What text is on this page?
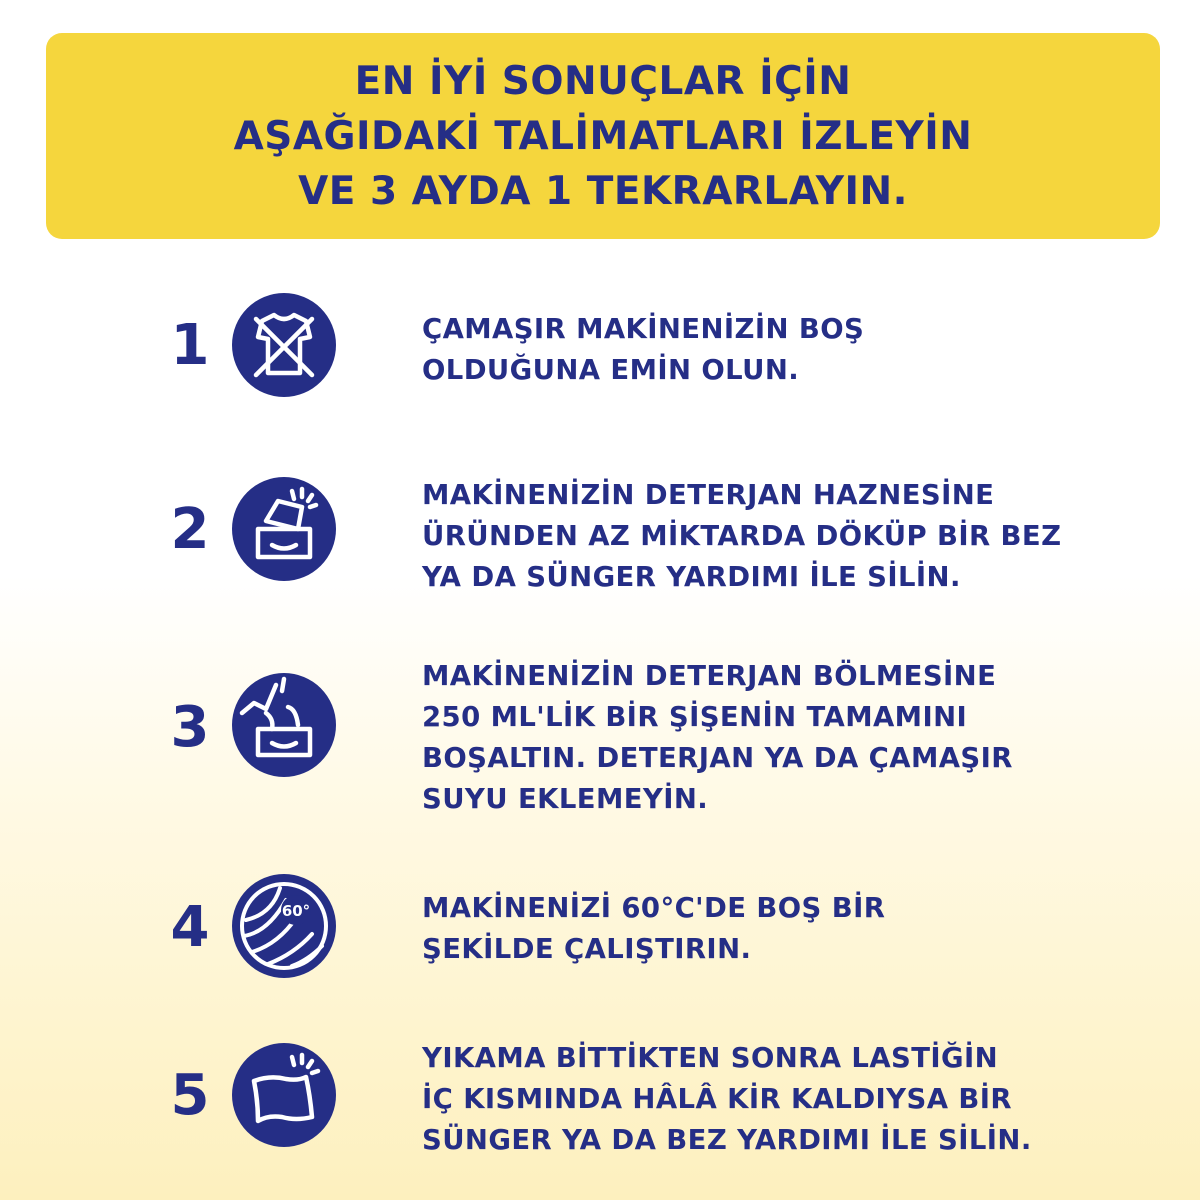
EN İYİ SONUÇLAR İÇİN
AŞAĞIDAKİ TALİMATLARI İZLEYİN
VE 3 AYDA 1 TEKRARLAYIN.
1	ÇAMAŞIR MAKİNENİZİN BOŞ
OLDUĞUNA EMİN OLUN.
2
MAKİNENİZİN DETERJAN HAZNESİNE
ÜRÜNDEN AZ MİKTARDA DÖKÜP BİR BEZ
YA DA SÜNGER YARDIMI İLE SİLİN.
3
MAKİNENİZİN DETERJAN BÖLMESİNE
250 ML'LİK BİR ŞİŞENİN TAMAMINI
BOŞALTIN. DETERJAN YA DA ÇAMAŞIR
SUYU EKLEMEYİN.
4	60°	MAKİNENİZİ 60°C'DE BOŞ BİR
ŞEKİLDE ÇALIŞTIRIN.
5
YIKAMA BİTTİKTEN SONRA LASTİĞİN
İÇ KISMINDA HÂLÂ KİR KALDIYSA BİR
SÜNGER YA DA BEZ YARDIMI İLE SİLİN.
